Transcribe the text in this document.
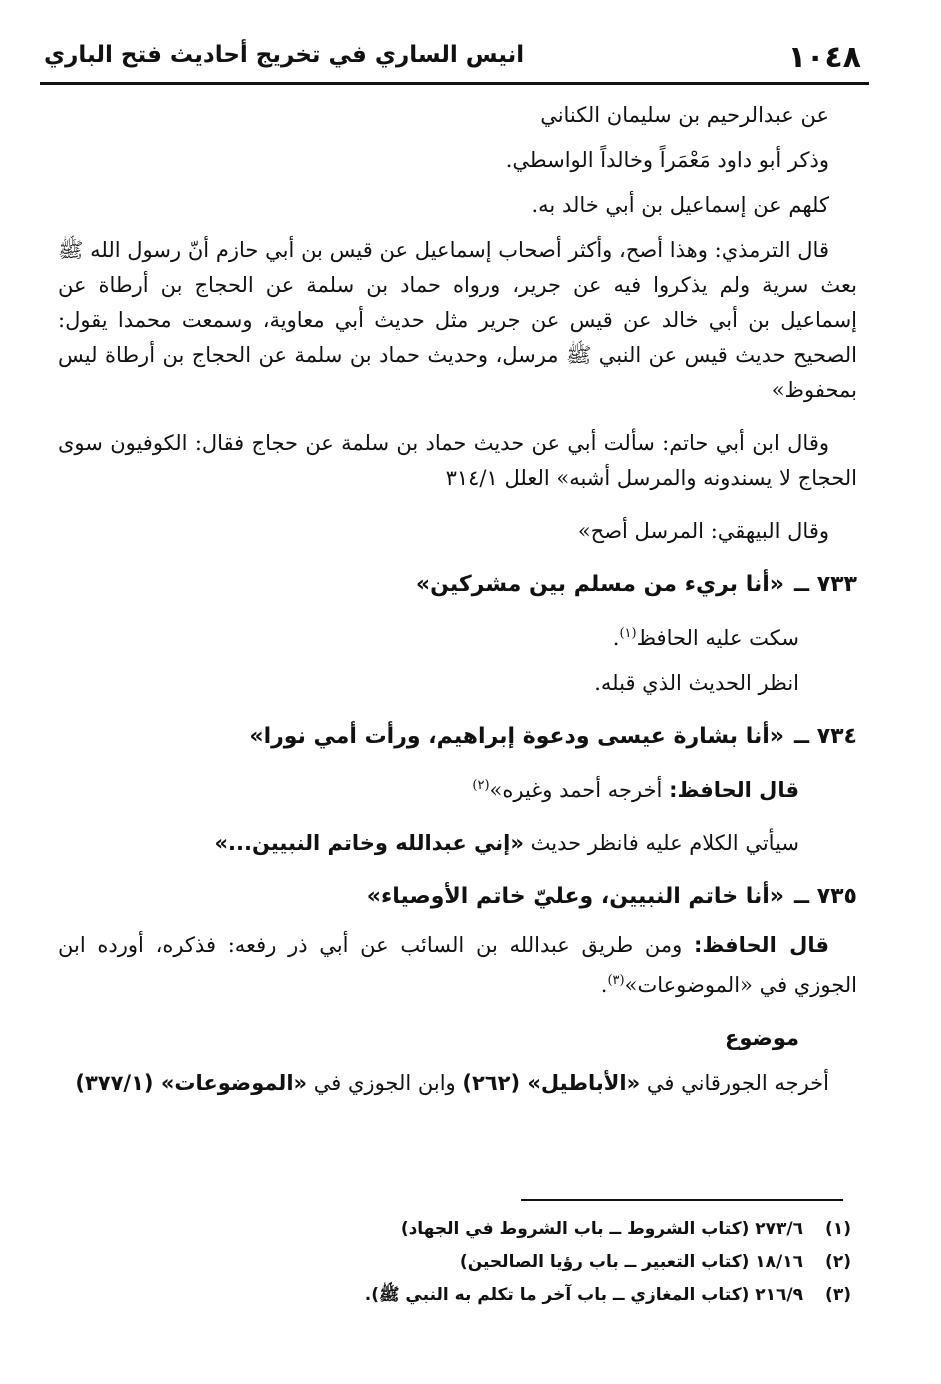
١٠٤٨
انيس الساري في تخريج أحاديث فتح الباري

عن عبدالرحيم بن سليمان الكناني

وذكر أبو داود مَعْمَراً وخالداً الواسطي.

كلهم عن إسماعيل بن أبي خالد به.

قال الترمذي: وهذا أصح، وأكثر أصحاب إسماعيل عن قيس بن أبي حازم أنّ رسول الله ﷺ بعث سرية ولم يذكروا فيه عن جرير، ورواه حماد بن سلمة عن الحجاج بن أرطاة عن إسماعيل بن أبي خالد عن قيس عن جرير مثل حديث أبي معاوية، وسمعت محمدا يقول: الصحيح حديث قيس عن النبي ﷺ مرسل، وحديث حماد بن سلمة عن الحجاج بن أرطاة ليس بمحفوظ»

وقال ابن أبي حاتم: سألت أبي عن حديث حماد بن سلمة عن حجاج فقال: الكوفيون سوى الحجاج لا يسندونه والمرسل أشبه» العلل ٣١٤/١

وقال البيهقي: المرسل أصح»

٧٣٣ ــ«أنا بريء من مسلم بين مشركين»

سكت عليه الحافظ$^{(١)}$.

انظر الحديث الذي قبله.

٧٣٤ ــ«أنا بشارة عيسى ودعوة إبراهيم، ورأت أمي نورا»

قال الحافظ: أخرجه أحمد وغيره»$^{(٢)}$

سيأتي الكلام عليه فانظر حديث «إني عبدالله وخاتم النبيين...»

٧٣٥ ــ«أنا خاتم النبيين، وعليّ خاتم الأوصياء»

قال الحافظ: ومن طريق عبدالله بن السائب عن أبي ذر رفعه: فذكره، أورده ابن الجوزي في «الموضوعات»$^{(٣)}$.

موضوع

أخرجه الجورقاني في «الأباطيل» (٢٦٢) وابن الجوزي في «الموضوعات» (٣٧٧/١)

(١)٢٧٣/٦ (كتاب الشروط ــ باب الشروط في الجهاد)
(٢)١٨/١٦ (كتاب التعبير ــ باب رؤيا الصالحين)
(٣)٢١٦/٩ (كتاب المغازي ــ باب آخر ما تكلم به النبي ﷺ).
